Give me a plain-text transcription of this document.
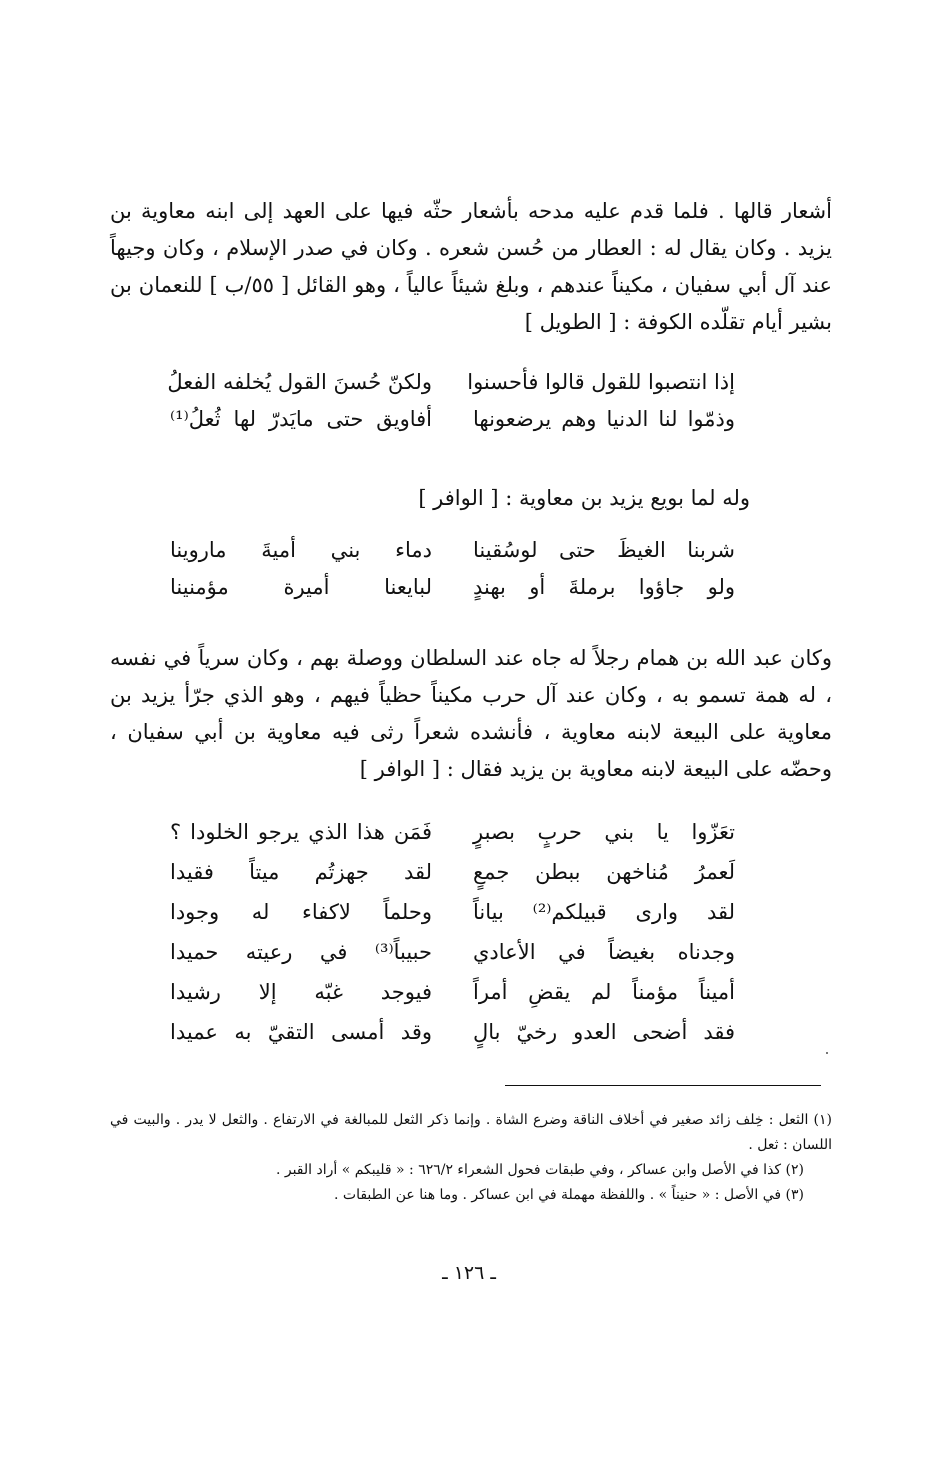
أشعار قالها . فلما قدم عليه مدحه بأشعار حثّه فيها على العهد إلى ابنه معاوية بن يزيد . وكان يقال له : العطار من حُسن شعره . وكان في صدر الإسلام ، وكان وجيهاً عند آل أبي سفيان ، مكيناً عندهم ، وبلغ شيئاً عالياً ، وهو القائل [ ٥٥/ب ] للنعمان بن بشير أيام تقلّده الكوفة : [ الطويل ]

إذا انتصبوا للقول قالوا فأحسنوا
ولكنّ حُسنَ القول يُخلفه الفعلُ
وذمّوا لنا الدنيا وهم يرضعونها
أفاويق حتى مايَدرّ لها ثُعلُ⁽¹⁾

وله لما بويع يزيد بن معاوية : [ الوافر ]

شربنا الغيظَ حتى لوسُقينا
دماء بني أميةَ ماروينا
ولو جاؤوا برملةَ أو بهندٍ
لبايعنا أميرة مؤمنينا

وكان عبد الله بن همام رجلاً له جاه عند السلطان ووصلة بهم ، وكان سرياً في نفسه ، له همة تسمو به ، وكان عند آل حرب مكيناً حظياً فيهم ، وهو الذي جرّأ يزيد بن معاوية على البيعة لابنه معاوية ، فأنشده شعراً رثى فيه معاوية بن أبي سفيان ، وحضّه على البيعة لابنه معاوية بن يزيد فقال : [ الوافر ]

تعَزّوا يا بني حربٍ بصبرٍ
فَمَن هذا الذي يرجو الخلودا ؟
لَعمرُ مُناخهن ببطن جمعٍ
لقد جهزتُم ميتاً فقيدا
لقد وارى قبيلكم⁽²⁾ بياناً
وحلماً لاكفاء له وجودا
وجدناه بغيضاً في الأعادي
حبيباً⁽³⁾ في رعيته حميدا
أميناً مؤمناً لم يقضِ أمراً
فيوجد غبّه إلا رشيدا
فقد أضحى العدو رخيّ بالٍ
وقد أمسى التقيّ به عميدا

(١) الثعل : خِلف زائد صغير في أخلاف الناقة وضرع الشاة . وإنما ذكر الثعل للمبالغة في الارتفاع . والثعل لا يدر . والبيت في اللسان : ثعل .

(٢) كذا في الأصل وابن عساكر ، وفي طبقات فحول الشعراء ٦٢٦/٢ : « قليبكم » أراد القبر .

(٣) في الأصل : « حنيناً » . واللفظة مهملة في ابن عساكر . وما هنا عن الطبقات .

ـ ١٢٦ ـ
